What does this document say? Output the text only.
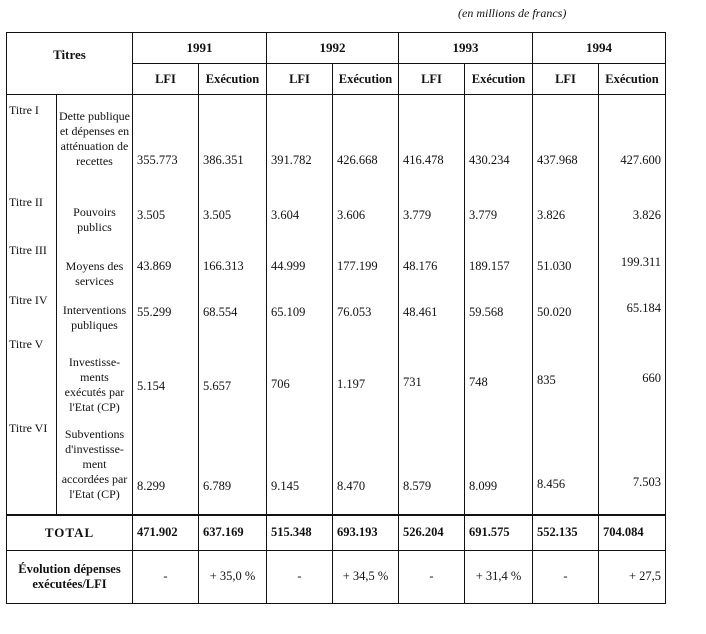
(en millions de francs)
Titres		1991		1992		1993		1994	
		LFI	Exécution	LFI	Exécution	LFI	Exécution	LFI	Exécution
Titre I	Dette publique et dépenses en atténuation de recettes	355.773	386.351	391.782	426.668	416.478	430.234	437.968	427.600
Titre II	Pouvoirs publics	3.505	3.505	3.604	3.606	3.779	3.779	3.826	3.826
Titre III	Moyens des services	43.869	166.313	44.999	177.199	48.176	189.157	51.030	199.311
Titre IV	Interventions publiques	55.299	68.554	65.109	76.053	48.461	59.568	50.020	65.184
Titre V	Investisse- ments exécutés par l'Etat (CP)	5.154	5.657	706	1.197	731	748	835	660
Titre VI	Subventions d'investisse- ment accordées par l'Etat (CP)	8.299	6.789	9.145	8.470	8.579	8.099	8.456	7.503
TOTAL		471.902	637.169	515.348	693.193	526.204	691.575	552.135	704.084
Évolution dépenses exécutées/LFI		-	+ 35,0 %	-	+ 34,5 %	-	+ 31,4 %	-	+ 27,5
